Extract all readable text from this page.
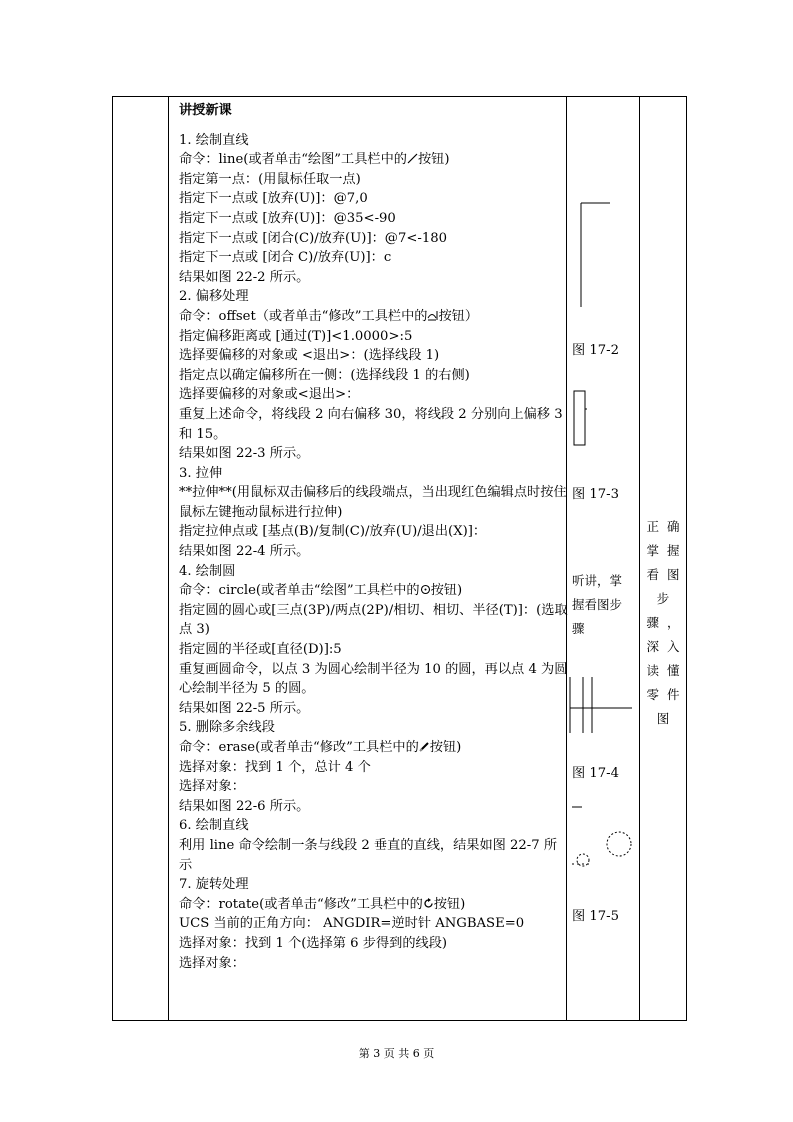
讲授新课
1. 绘制直线
命令：line(或者单击“绘图”工具栏中的 按钮)
指定第一点：(用鼠标任取一点)
指定下一点或 [放弃(U)]：@7,0
指定下一点或 [放弃(U)]：@35<-90
指定下一点或 [闭合(C)/放弃(U)]：@7<-180
指定下一点或 [闭合 C)/放弃(U)]：c
结果如图 22-2 所示。
2. 偏移处理
命令：offset（或者单击“修改”工具栏中的 按钮）
指定偏移距离或 [通过(T)]<1.0000>:5
选择要偏移的对象或 <退出>：(选择线段 1)
指定点以确定偏移所在一侧：(选择线段 1 的右侧)
选择要偏移的对象或<退出>：
重复上述命令，将线段 2 向右偏移 30，将线段 2 分别向上偏移 3 和 15。
结果如图 22-3 所示。
3. 拉伸
**拉伸**(用鼠标双击偏移后的线段端点，当出现红色编辑点时按住鼠标左键拖动鼠标进行拉伸)
指定拉伸点或 [基点(B)/复制(C)/放弃(U)/退出(X)]：
结果如图 22-4 所示。
4. 绘制圆
命令：circle(或者单击“绘图”工具栏中的 按钮)
指定圆的圆心或[三点(3P)/两点(2P)/相切、相切、半径(T)]：(选取点 3)
指定圆的半径或[直径(D)]:5
重复画圆命令，以点 3 为圆心绘制半径为 10 的圆，再以点 4 为圆心绘制半径为 5 的圆。
结果如图 22-5 所示。
5. 删除多余线段
命令：erase(或者单击“修改”工具栏中的 按钮)
选择对象：找到 1 个，总计 4 个
选择对象：
结果如图 22-6 所示。
6. 绘制直线
利用 line 命令绘制一条与线段 2 垂直的直线，结果如图 22-7 所示
7. 旋转处理
命令：rotate(或者单击“修改”工具栏中的 按钮)
UCS 当前的正角方向： ANGDIR=逆时针 ANGBASE=0
选择对象：找到 1 个(选择第 6 步得到的线段)
选择对象：
图 17-2
图 17-3
听讲，掌握看图步骤
图 17-4
图 17-5
正确
掌握
看图
步
骤，
深入
读懂
零件
图
第 3 页 共 6 页
